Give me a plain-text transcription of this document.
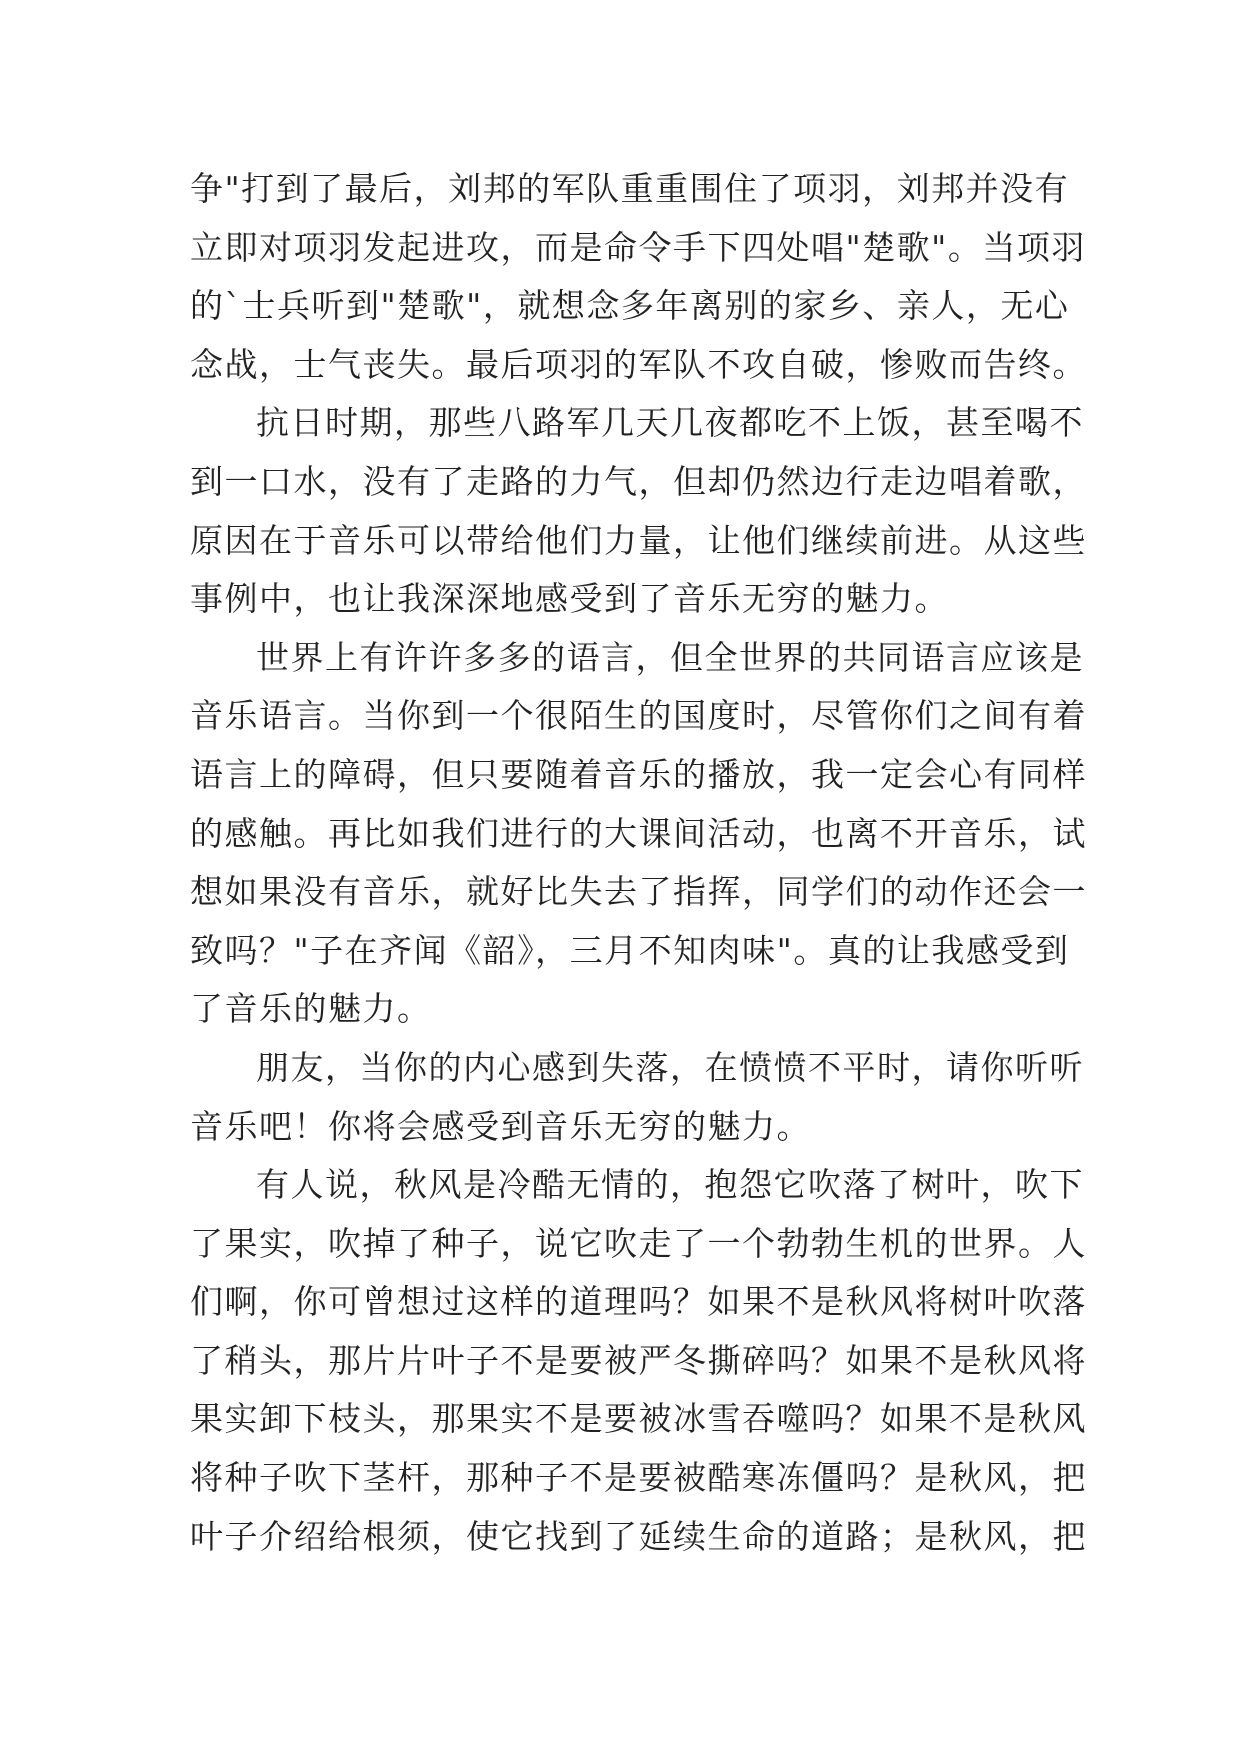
争"打到了最后，刘邦的军队重重围住了项羽，刘邦并没有
立即对项羽发起进攻，而是命令手下四处唱"楚歌"。当项羽
的`士兵听到"楚歌"，就想念多年离别的家乡、亲人，无心
念战，士气丧失。最后项羽的军队不攻自破，惨败而告终。
抗日时期，那些八路军几天几夜都吃不上饭，甚至喝不
到一口水，没有了走路的力气，但却仍然边行走边唱着歌，
原因在于音乐可以带给他们力量，让他们继续前进。从这些
事例中，也让我深深地感受到了音乐无穷的魅力。
世界上有许许多多的语言，但全世界的共同语言应该是
音乐语言。当你到一个很陌生的国度时，尽管你们之间有着
语言上的障碍，但只要随着音乐的播放，我一定会心有同样
的感触。再比如我们进行的大课间活动，也离不开音乐，试
想如果没有音乐，就好比失去了指挥，同学们的动作还会一
致吗？"子在齐闻《韶》，三月不知肉味"。真的让我感受到
了音乐的魅力。
朋友，当你的内心感到失落，在愤愤不平时，请你听听
音乐吧！你将会感受到音乐无穷的魅力。
有人说，秋风是冷酷无情的，抱怨它吹落了树叶，吹下
了果实，吹掉了种子，说它吹走了一个勃勃生机的世界。人
们啊，你可曾想过这样的道理吗？如果不是秋风将树叶吹落
了稍头，那片片叶子不是要被严冬撕碎吗？如果不是秋风将
果实卸下枝头，那果实不是要被冰雪吞噬吗？如果不是秋风
将种子吹下茎杆，那种子不是要被酷寒冻僵吗？是秋风，把
叶子介绍给根须，使它找到了延续生命的道路；是秋风，把
